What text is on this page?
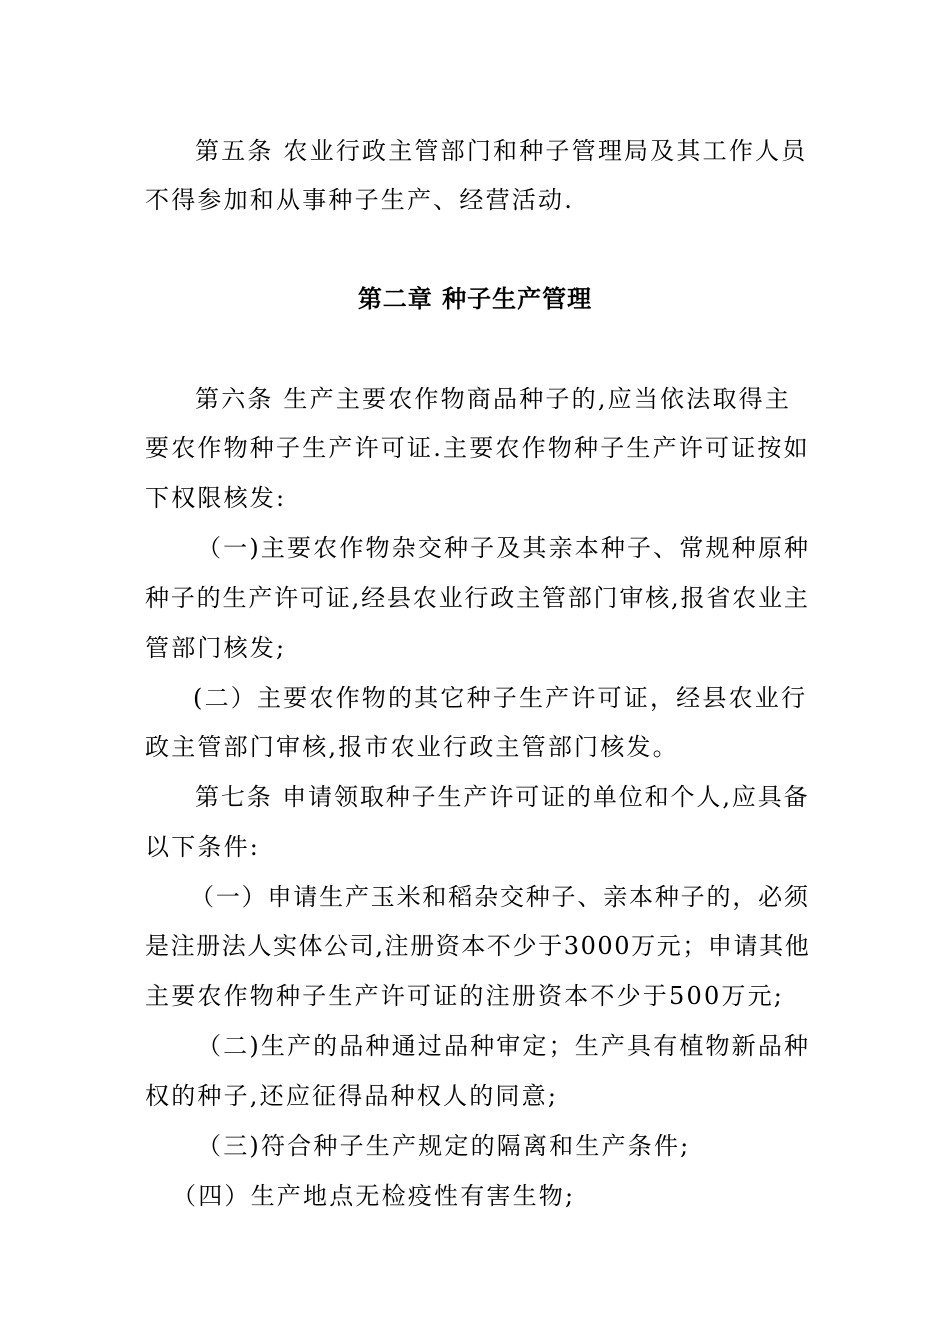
第五条 农业行政主管部门和种子管理局及其工作人员
不得参加和从事种子生产、经营活动.
第二章 种子生产管理
第六条 生产主要农作物商品种子的,应当依法取得主
要农作物种子生产许可证.主要农作物种子生产许可证按如
下权限核发:
（一)主要农作物杂交种子及其亲本种子、常规种原种
种子的生产许可证,经县农业行政主管部门审核,报省农业主
管部门核发;
(二）主要农作物的其它种子生产许可证，经县农业行
政主管部门审核,报市农业行政主管部门核发。
第七条 申请领取种子生产许可证的单位和个人,应具备
以下条件:
（一）申请生产玉米和稻杂交种子、亲本种子的，必须
是注册法人实体公司,注册资本不少于3000万元；申请其他
主要农作物种子生产许可证的注册资本不少于500万元;
（二)生产的品种通过品种审定；生产具有植物新品种
权的种子,还应征得品种权人的同意;
（三)符合种子生产规定的隔离和生产条件;
（四）生产地点无检疫性有害生物;
